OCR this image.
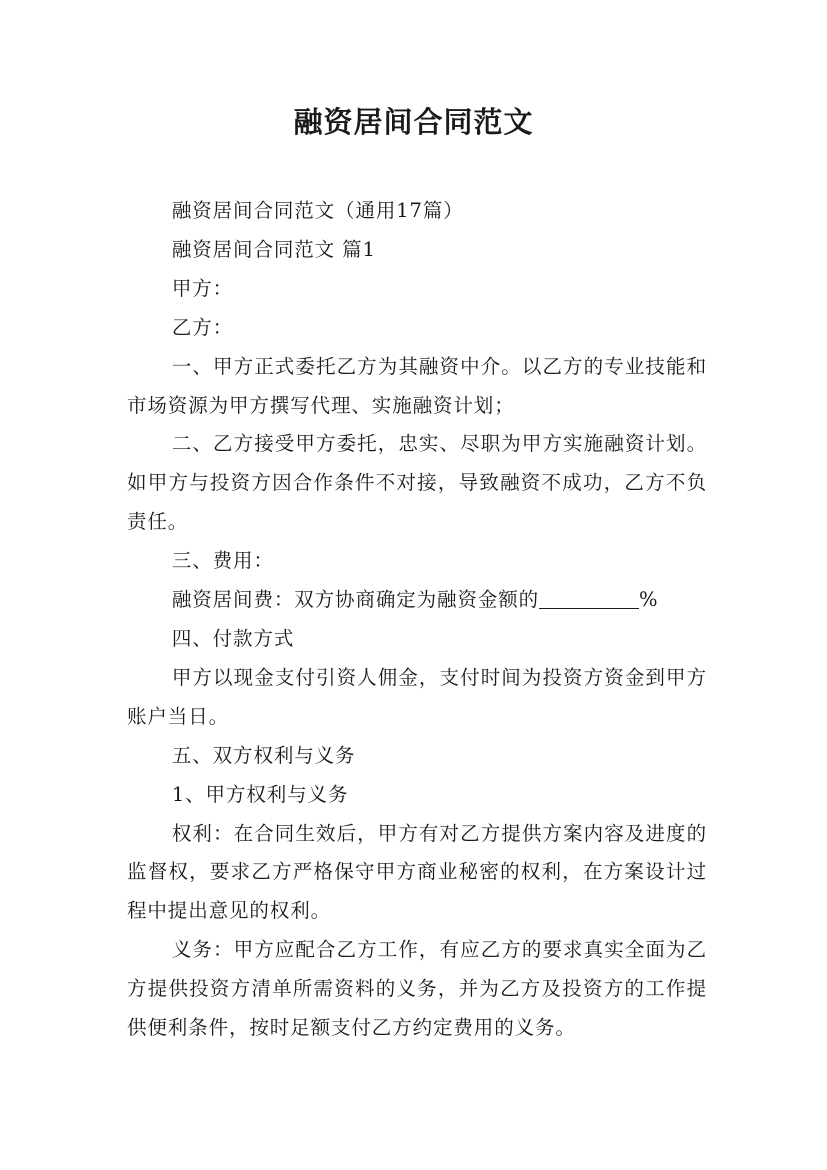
融资居间合同范文

融资居间合同范文（通用17篇）

融资居间合同范文 篇1

甲方：

乙方：

一、甲方正式委托乙方为其融资中介。以乙方的专业技能和市场资源为甲方撰写代理、实施融资计划；

二、乙方接受甲方委托，忠实、尽职为甲方实施融资计划。如甲方与投资方因合作条件不对接，导致融资不成功，乙方不负责任。

三、费用：

融资居间费：双方协商确定为融资金额的	%

四、付款方式

甲方以现金支付引资人佣金，支付时间为投资方资金到甲方账户当日。

五、双方权利与义务

1、甲方权利与义务

权利：在合同生效后，甲方有对乙方提供方案内容及进度的监督权，要求乙方严格保守甲方商业秘密的权利，在方案设计过程中提出意见的权利。

义务：甲方应配合乙方工作，有应乙方的要求真实全面为乙方提供投资方清单所需资料的义务，并为乙方及投资方的工作提供便利条件，按时足额支付乙方约定费用的义务。
